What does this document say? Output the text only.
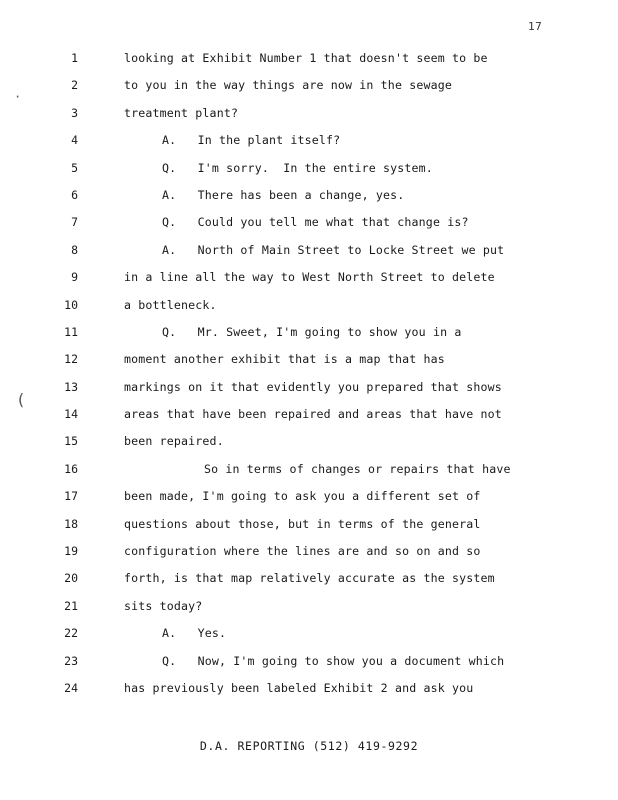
17
·
(
1	looking at Exhibit Number 1 that doesn't seem to be
2	to you in the way things are now in the sewage
3	treatment plant?
4	A.   In the plant itself?
5	Q.   I'm sorry.  In the entire system.
6	A.   There has been a change, yes.
7	Q.   Could you tell me what that change is?
8	A.   North of Main Street to Locke Street we put
9	in a line all the way to West North Street to delete
10	a bottleneck.
11	Q.   Mr. Sweet, I'm going to show you in a
12	moment another exhibit that is a map that has
13	markings on it that evidently you prepared that shows
14	areas that have been repaired and areas that have not
15	been repaired.
16	So in terms of changes or repairs that have
17	been made, I'm going to ask you a different set of
18	questions about those, but in terms of the general
19	configuration where the lines are and so on and so
20	forth, is that map relatively accurate as the system
21	sits today?
22	A.   Yes.
23	Q.   Now, I'm going to show you a document which
24	has previously been labeled Exhibit 2 and ask you
D.A. REPORTING (512) 419-9292
